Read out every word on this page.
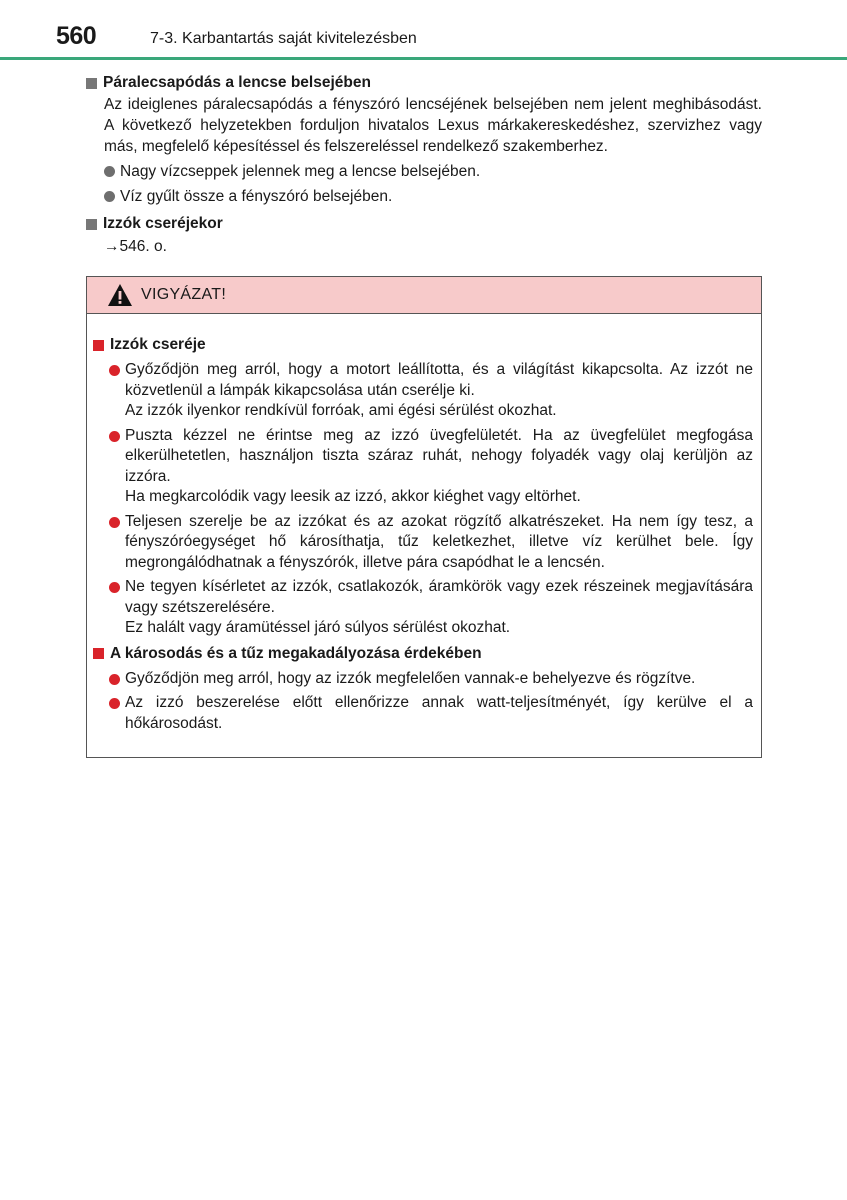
560	7-3. Karbantartás saját kivitelezésben
Páralecsapódás a lencse belsejében
Az ideiglenes páralecsapódás a fényszóró lencséjének belsejében nem jelent meghibásodást. A következő helyzetekben forduljon hivatalos Lexus márkakereskedéshez, szervizhez vagy más, megfelelő képesítéssel és felszereléssel rendelkező szakemberhez.
Nagy vízcseppek jelennek meg a lencse belsejében.
Víz gyűlt össze a fényszóró belsejében.
Izzók cseréjekor
→546. o.
VIGYÁZAT!
Izzók cseréje
Győződjön meg arról, hogy a motort leállította, és a világítást kikapcsolta. Az izzót ne közvetlenül a lámpák kikapcsolása után cserélje ki.
Az izzók ilyenkor rendkívül forróak, ami égési sérülést okozhat.
Puszta kézzel ne érintse meg az izzó üvegfelületét. Ha az üvegfelület megfogása elkerülhetetlen, használjon tiszta száraz ruhát, nehogy folyadék vagy olaj kerüljön az izzóra.
Ha megkarcolódik vagy leesik az izzó, akkor kiéghet vagy eltörhet.
Teljesen szerelje be az izzókat és az azokat rögzítő alkatrészeket. Ha nem így tesz, a fényszóróegységet hő károsíthatja, tűz keletkezhet, illetve víz kerülhet bele. Így megrongálódhatnak a fényszórók, illetve pára csapódhat le a lencsén.
Ne tegyen kísérletet az izzók, csatlakozók, áramkörök vagy ezek részeinek megjavítására vagy szétszerelésére.
Ez halált vagy áramütéssel járó súlyos sérülést okozhat.
A károsodás és a tűz megakadályozása érdekében
Győződjön meg arról, hogy az izzók megfelelően vannak-e behelyezve és rögzítve.
Az izzó beszerelése előtt ellenőrizze annak watt-teljesítményét, így kerülve el a hőkárosodást.
